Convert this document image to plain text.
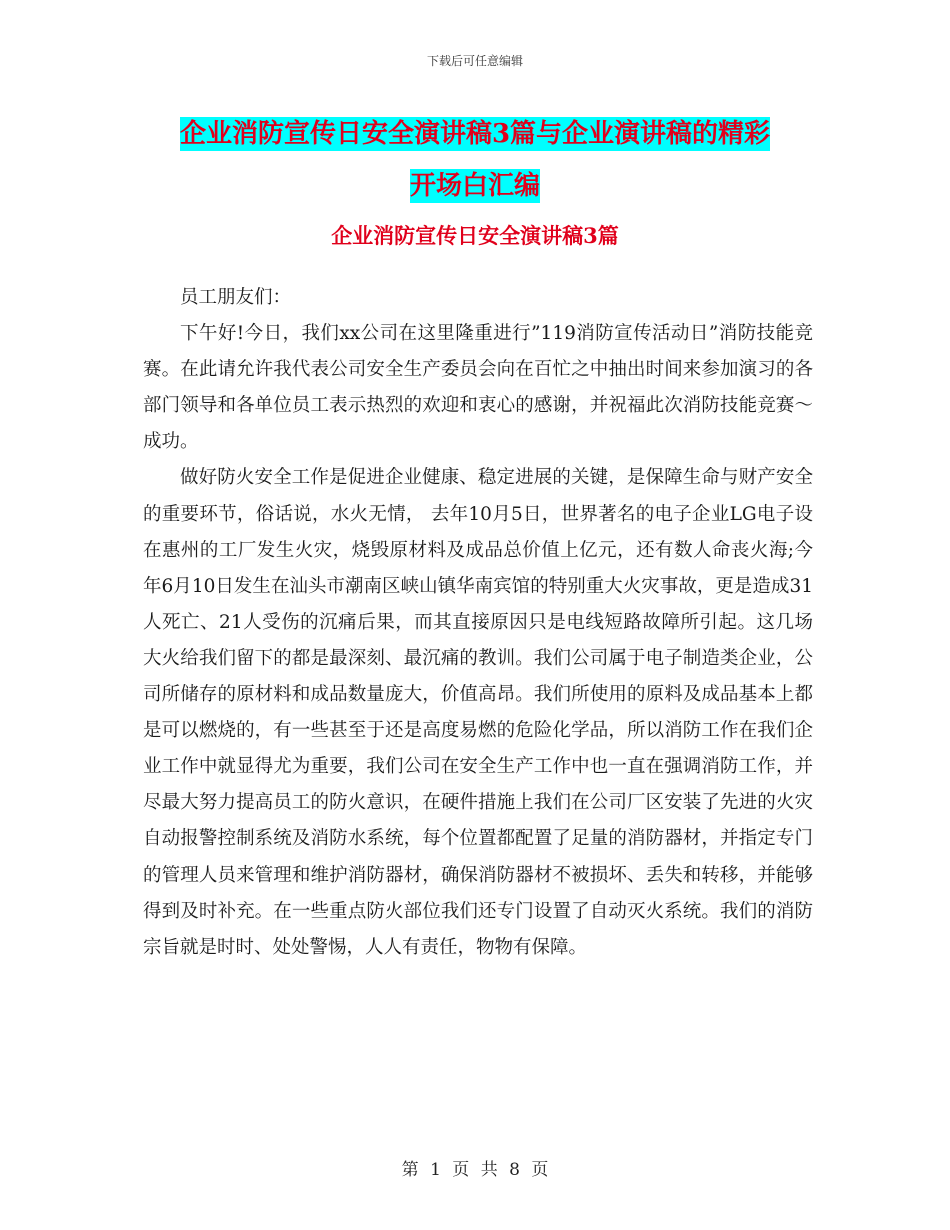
下载后可任意编辑
企业消防宣传日安全演讲稿3篇与企业演讲稿的精彩
开场白汇编
企业消防宣传日安全演讲稿3篇

员工朋友们：

下午好!今日，我们xx公司在这里隆重进行”119消防宣传活动日”消防技能竞赛。在此请允许我代表公司安全生产委员会向在百忙之中抽出时间来参加演习的各部门领导和各单位员工表示热烈的欢迎和衷心的感谢，并祝福此次消防技能竞赛～成功。

做好防火安全工作是促进企业健康、稳定进展的关键，是保障生命与财产安全的重要环节，俗话说，水火无情， 去年10月5日，世界著名的电子企业LG电子设在惠州的工厂发生火灾，烧毁原材料及成品总价值上亿元，还有数人命丧火海;今年6月10日发生在汕头市潮南区峡山镇华南宾馆的特别重大火灾事故，更是造成31人死亡、21人受伤的沉痛后果，而其直接原因只是电线短路故障所引起。这几场大火给我们留下的都是最深刻、最沉痛的教训。我们公司属于电子制造类企业，公司所储存的原材料和成品数量庞大，价值高昂。我们所使用的原料及成品基本上都是可以燃烧的，有一些甚至于还是高度易燃的危险化学品，所以消防工作在我们企业工作中就显得尤为重要，我们公司在安全生产工作中也一直在强调消防工作，并尽最大努力提高员工的防火意识，在硬件措施上我们在公司厂区安装了先进的火灾自动报警控制系统及消防水系统，每个位置都配置了足量的消防器材，并指定专门的管理人员来管理和维护消防器材，确保消防器材不被损坏、丢失和转移，并能够得到及时补充。在一些重点防火部位我们还专门设置了自动灭火系统。我们的消防宗旨就是时时、处处警惕，人人有责任，物物有保障。

第 1 页 共 8 页
